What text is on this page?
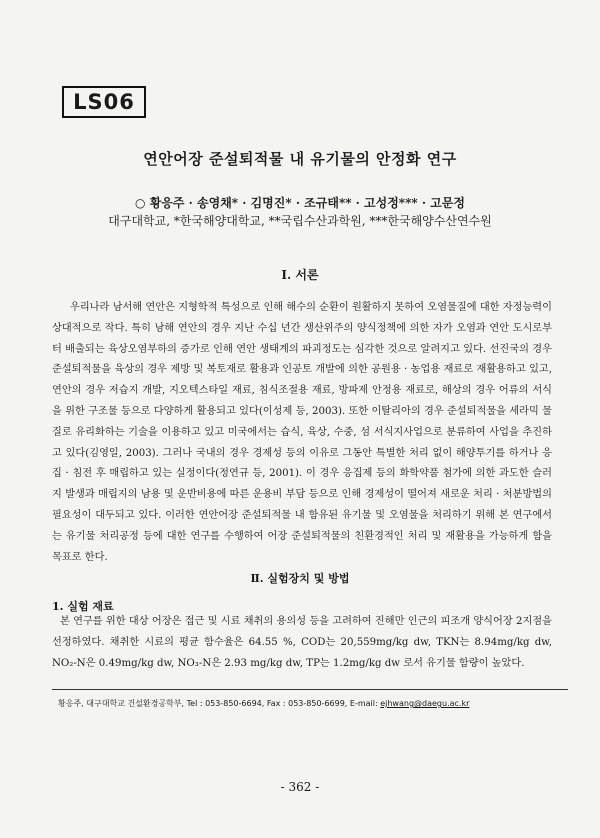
LS06
연안어장 준설퇴적물 내 유기물의 안정화 연구
○ 황응주 · 송영채* · 김명진* · 조규태** · 고성정*** · 고문정
대구대학교, *한국해양대학교, **국립수산과학원, ***한국해양수산연수원
Ⅰ. 서론
우리나라 남서해 연안은 지형학적 특성으로 인해 해수의 순환이 원활하지 못하여 오염물질에 대한 자정능력이 상대적으로 작다. 특히 남해 연안의 경우 지난 수십 년간 생산위주의 양식정책에 의한 자가 오염과 연안 도시로부터 배출되는 육상오염부하의 증가로 인해 연안 생태계의 파괴정도는 심각한 것으로 알려지고 있다. 선진국의 경우 준설퇴적물을 육상의 경우 제방 및 복토재로 활용과 인공토 개발에 의한 공원용 · 농업용 재료로 재활용하고 있고, 연안의 경우 저습지 개발, 지오텍스타일 재료, 침식조절용 재료, 방파제 안정용 재료로, 해상의 경우 어류의 서식을 위한 구조물 등으로 다양하게 활용되고 있다(이성제 등, 2003). 또한 이탈리아의 경우 준설퇴적물을 세라믹 물질로 유리화하는 기술을 이용하고 있고 미국에서는 습식, 육상, 수중, 섬 서식지사업으로 분류하여 사업을 추진하고 있다(김영일, 2003). 그러나 국내의 경우 경제성 등의 이유로 그동안 특별한 처리 없이 해양투기를 하거나 응집 · 침전 후 매립하고 있는 실정이다(정연규 등, 2001). 이 경우 응집제 등의 화학약품 첨가에 의한 과도한 슬러지 발생과 매립지의 남용 및 운반비용에 따른 운용비 부담 등으로 인해 경제성이 떨어져 새로운 처리 · 처분방법의 필요성이 대두되고 있다. 이러한 연안어장 준설퇴적물 내 함유된 유기물 및 오염물을 처리하기 위해 본 연구에서는 유기물 처리공정 등에 대한 연구를 수행하여 어장 준설퇴적물의 친환경적인 처리 및 재활용을 가능하게 함을 목표로 한다.
Ⅱ. 실험장치 및 방법
1. 실험 재료
본 연구를 위한 대상 어장은 접근 및 시료 채취의 용의성 등을 고려하여 진해만 인근의 피조개 양식어장 2지점을 선정하였다. 채취한 시료의 평균 함수율은 64.55 %, COD는 20,559mg/kg dw, TKN는 8.94mg/kg dw, NO₂-N은 0.49mg/kg dw, NO₃-N은 2.93 mg/kg dw, TP는 1.2mg/kg dw 로서 유기물 함량이 높았다.
황응주, 대구대학교 건설환경공학부, Tel : 053-850-6694, Fax : 053-850-6699, E-mail: ejhwang@daegu.ac.kr
- 362 -
